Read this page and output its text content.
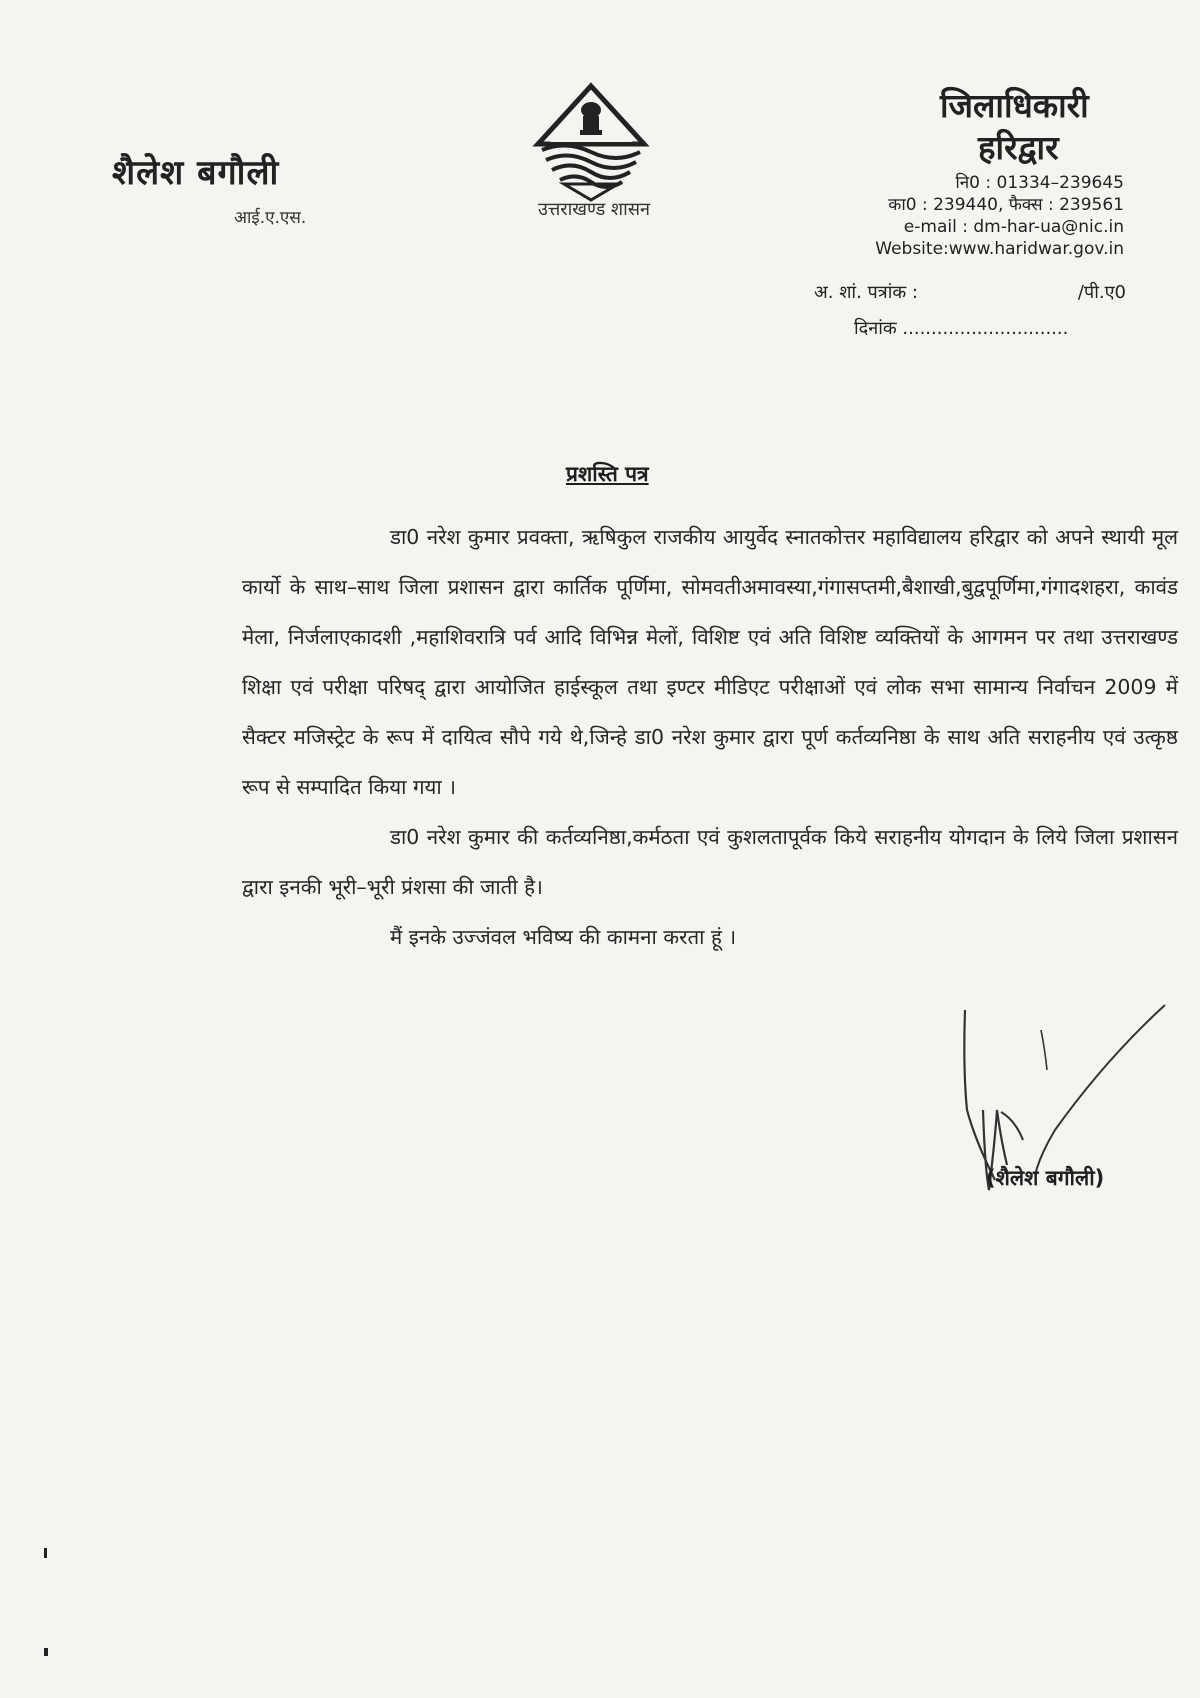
शैलेश बगौली
आई.ए.एस.	उत्तराखण्ड शासन
जिलाधिकारी
हरिद्वार
नि0 : 01334–239645
का0 : 239440, फैक्स : 239561
e-mail : dm-har-ua@nic.in
Website:www.haridwar.gov.in
अ. शां. पत्रांक :	/पी.ए0
दिनांक .............................
प्रशस्ति पत्र

डा0 नरेश कुमार प्रवक्ता, ऋषिकुल राजकीय आयुर्वेद स्नातकोत्तर महाविद्यालय हरिद्वार को अपने स्थायी मूल कार्यो के साथ–साथ जिला प्रशासन द्वारा कार्तिक पूर्णिमा, सोमवतीअमावस्या,गंगासप्तमी,बैशाखी,बुद्वपूर्णिमा,गंगादशहरा, कावंड मेला, निर्जलाएकादशी ,महाशिवरात्रि पर्व आदि विभिन्न मेलों, विशिष्ट एवं अति विशिष्ट व्यक्तियों के आगमन पर तथा उत्तराखण्ड शिक्षा एवं परीक्षा परिषद् द्वारा आयोजित हाईस्कूल तथा इण्टर मीडिएट परीक्षाओं एवं लोक सभा सामान्य निर्वाचन 2009 में सैक्टर मजिस्ट्रेट के रूप में दायित्व सौपे गये थे,जिन्हे डा0 नरेश कुमार द्वारा पूर्ण कर्तव्यनिष्ठा के साथ अति सराहनीय एवं उत्कृष्ठ रूप से सम्पादित किया गया ।

डा0 नरेश कुमार की कर्तव्यनिष्ठा,कर्मठता एवं कुशलतापूर्वक किये सराहनीय योगदान के लिये जिला प्रशासन द्वारा इनकी भूरी–भूरी प्रंशसा की जाती है।

मैं इनके उज्जंवल भविष्य की कामना करता हूं ।

(शैलेश बगौली)
